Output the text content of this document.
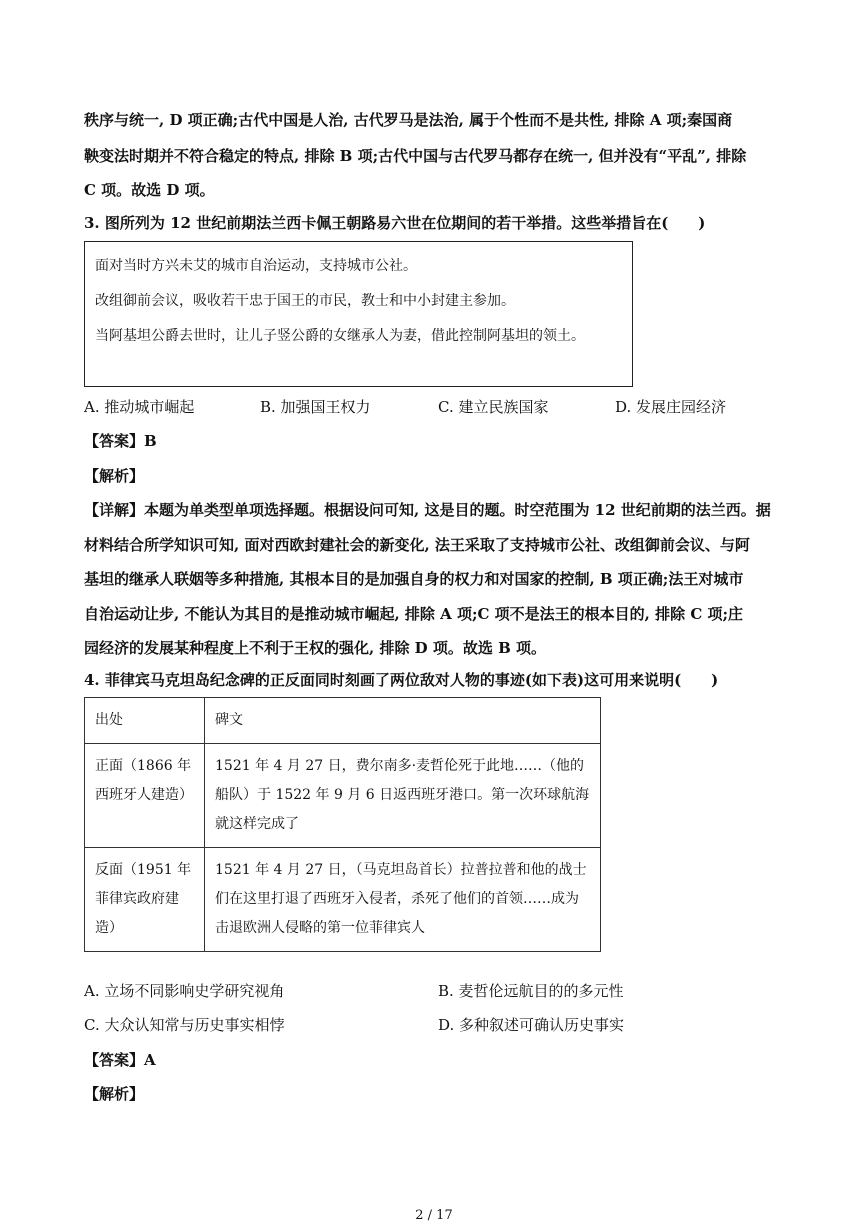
秩序与统一, D 项正确;古代中国是人治, 古代罗马是法治, 属于个性而不是共性, 排除 A 项;秦国商
鞅变法时期并不符合稳定的特点, 排除 B 项;古代中国与古代罗马都存在统一, 但并没有“平乱”, 排除
C 项。故选 D 项。
3. 图所列为 12 世纪前期法兰西卡佩王朝路易六世在位期间的若干举措。这些举措旨在(　　)
面对当时方兴未艾的城市自治运动，支持城市公社。
改组御前会议，吸收若干忠于国王的市民，教士和中小封建主参加。
当阿基坦公爵去世时，让儿子竖公爵的女继承人为妻，借此控制阿基坦的领土。
A. 推动城市崛起	B. 加强国王权力	C. 建立民族国家	D. 发展庄园经济
【答案】B
【解析】
【详解】本题为单类型单项选择题。根据设问可知, 这是目的题。时空范围为 12 世纪前期的法兰西。据
材料结合所学知识可知, 面对西欧封建社会的新变化, 法王采取了支持城市公社、改组御前会议、与阿
基坦的继承人联姻等多种措施, 其根本目的是加强自身的权力和对国家的控制, B 项正确;法王对城市
自治运动让步, 不能认为其目的是推动城市崛起, 排除 A 项;C 项不是法王的根本目的, 排除 C 项;庄
园经济的发展某种程度上不利于王权的强化, 排除 D 项。故选 B 项。
4. 菲律宾马克坦岛纪念碑的正反面同时刻画了两位敌对人物的事迹(如下表)这可用来说明(　　)
出处	碑文
正面（1866 年西班牙人建造）	1521 年 4 月 27 日，费尔南多·麦哲伦死于此地……（他的船队）于 1522 年 9 月 6 日返西班牙港口。第一次环球航海就这样完成了
反面（1951 年菲律宾政府建造）	1521 年 4 月 27 日，（马克坦岛首长）拉普拉普和他的战士们在这里打退了西班牙入侵者，杀死了他们的首领……成为击退欧洲人侵略的第一位菲律宾人
A. 立场不同影响史学研究视角	B. 麦哲伦远航目的的多元性
C. 大众认知常与历史事实相悖	D. 多种叙述可确认历史事实
【答案】A
【解析】
2 / 17
